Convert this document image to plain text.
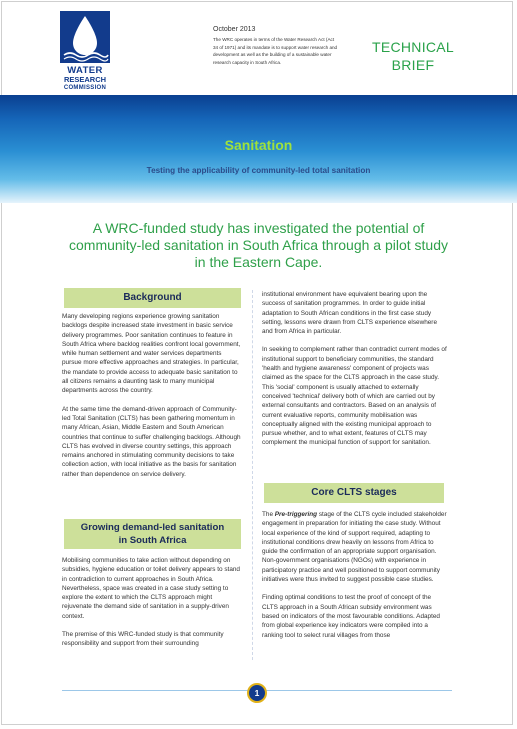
WATER
RESEARCH
COMMISSION
October 2013
The WRC operates in terms of the Water Research Act (Act 34 of 1971) and its mandate is to support water research and development as well as the building of a sustainable water research capacity in South Africa.
TECHNICAL
BRIEF
Sanitation
Testing the applicability of community-led total sanitation
A WRC-funded study has investigated the potential of community-led sanitation in South Africa through a pilot study in the Eastern Cape.
Background

Many developing regions experience growing sanitation backlogs despite increased state investment in basic service delivery programmes. Poor sanitation continues to feature in South Africa where backlog realities confront local government, while human settlement and water services departments pursue more effective approaches and strategies. In particular, the mandate to provide access to adequate basic sanitation to all citizens remains a daunting task to many municipal departments across the country.

At the same time the demand-driven approach of Community-led Total Sanitation (CLTS) has been gathering momentum in many African, Asian, Middle Eastern and South American countries that continue to suffer challenging backlogs. Although CLTS has evolved in diverse country settings, this approach remains anchored in stimulating community decisions to take collection action, with local initiative as the basis for sanitation rather than dependence on service delivery.

Growing demand-led sanitation
in South Africa

Mobilising communities to take action without depending on subsidies, hygiene education or toilet delivery appears to stand in contradiction to current approaches in South Africa. Nevertheless, space was created in a case study setting to explore the extent to which the CLTS approach might rejuvenate the demand side of sanitation in a supply-driven context.

The premise of this WRC-funded study is that community responsibility and support from their surrounding

institutional environment have equivalent bearing upon the success of sanitation programmes. In order to guide initial adaptation to South African conditions in the first case study setting, lessons were drawn from CLTS experience elsewhere and from Africa in particular.

In seeking to complement rather than contradict current modes of institutional support to beneficiary communities, the standard 'health and hygiene awareness' component of projects was claimed as the space for the CLTS approach in the case study. This 'social' component is usually attached to externally conceived 'technical' delivery both of which are carried out by external consultants and contractors. Based on an analysis of current evaluative reports, community mobilisation was conceptually aligned with the existing municipal approach to pursue whether, and to what extent, features of CLTS may complement the municipal function of support for sanitation.

Core CLTS stages

The Pre-triggering stage of the CLTS cycle included stakeholder engagement in preparation for initiating the case study. Without local experience of the kind of support required, adapting to institutional conditions drew heavily on lessons from Africa to guide the confirmation of an appropriate support organisation. Non-government organisations (NGOs) with experience in participatory practice and well positioned to support community initiatives were thus invited to suggest possible case studies.

Finding optimal conditions to test the proof of concept of the CLTS approach in a South African subsidy environment was based on indicators of the most favourable conditions. Adapted from global experience key indicators were compiled into a ranking tool to select rural villages from those

1
